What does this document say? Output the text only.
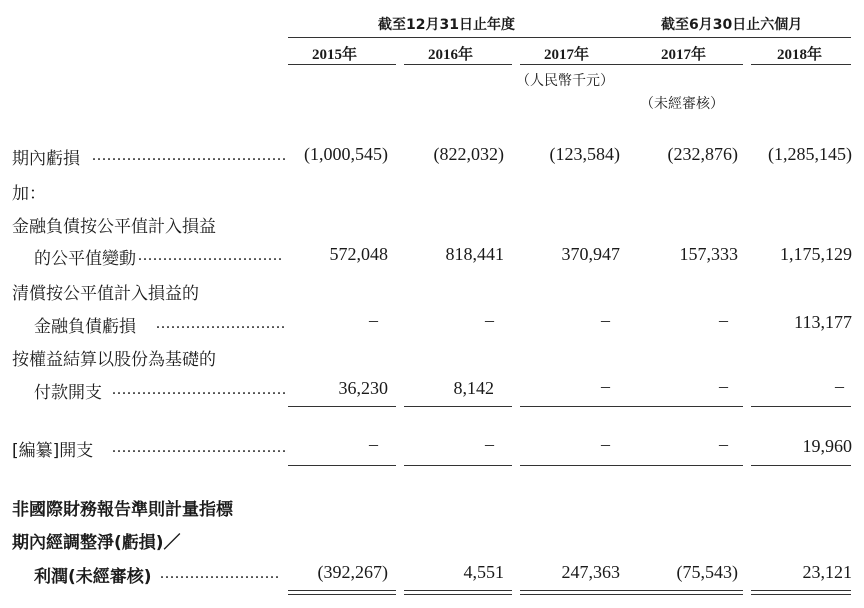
截至12月31日止年度	截至6月30日止六個月
2015年	2016年	2017年	2017年	2018年
（人民幣千元）
（未經審核）
期內虧損 ....................................... (1,000,545)	(822,032)	(123,584)	(232,876) (1,285,145)
加：
金融負債按公平值計入損益
的公平值變動 .............................	572,048	818,441	370,947	157,333 1,175,129
清償按公平值計入損益的
金融負債虧損 ..........................	–	–	–	–	113,177
按權益結算以股份為基礎的
付款開支 ...................................	36,230	8,142	–	–	–
[編纂]開支 ...................................	–	–	–	–	19,960
非國際財務報告準則計量指標
期內經調整淨(虧損)／
利潤(未經審核) ........................ (392,267)	4,551	247,363	(75,543)	23,121
